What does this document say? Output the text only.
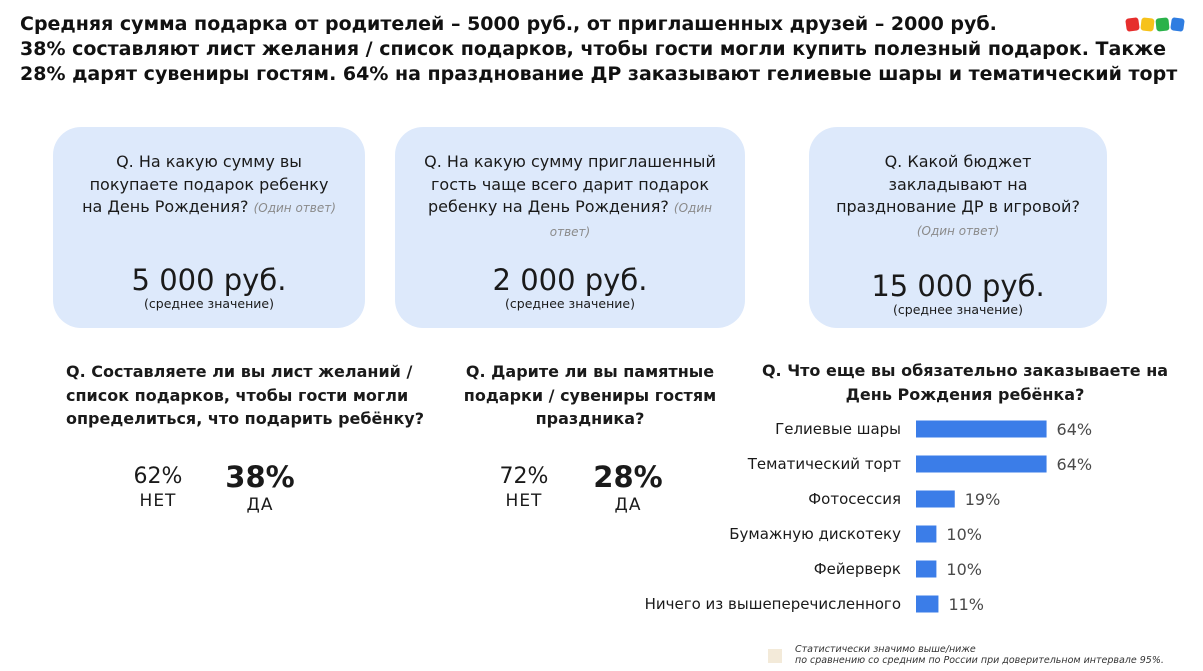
Средняя сумма подарка от родителей – 5000 руб., от приглашенных друзей – 2000 руб.
38% составляют лист желания / список подарков, чтобы гости могли купить полезный подарок. Также
28% дарят сувениры гостям. 64% на празднование ДР заказывают гелиевые шары и тематический торт
Q. На какую сумму вы покупаете подарок ребенку на День Рождения? (Один ответ)
5 000 руб.
(среднее значение)
Q. На какую сумму приглашенный гость чаще всего дарит подарок ребенку на День Рождения? (Один ответ)
2 000 руб.
(среднее значение)
Q. Какой бюджет закладывают на празднование ДР в игровой? (Один ответ)
15 000 руб.
(среднее значение)
Q. Составляете ли вы лист желаний /
список подарков, чтобы гости могли
определиться, что подарить ребёнку?
62%
НЕТ
38%
ДА
Q. Дарите ли вы памятные
подарки / сувениры гостям
праздника?
72%
НЕТ
28%
ДА
Q. Что еще вы обязательно заказываете на
День Рождения ребёнка?
Гелиевые шары	64%
Тематический торт	64%
Фотосессия	19%
Бумажную дискотеку	10%
Фейерверк	10%
Ничего из вышеперечисленного	11%
Статистически значимо выше/ниже
по сравнению со средним по России при доверительном интервале 95%.
